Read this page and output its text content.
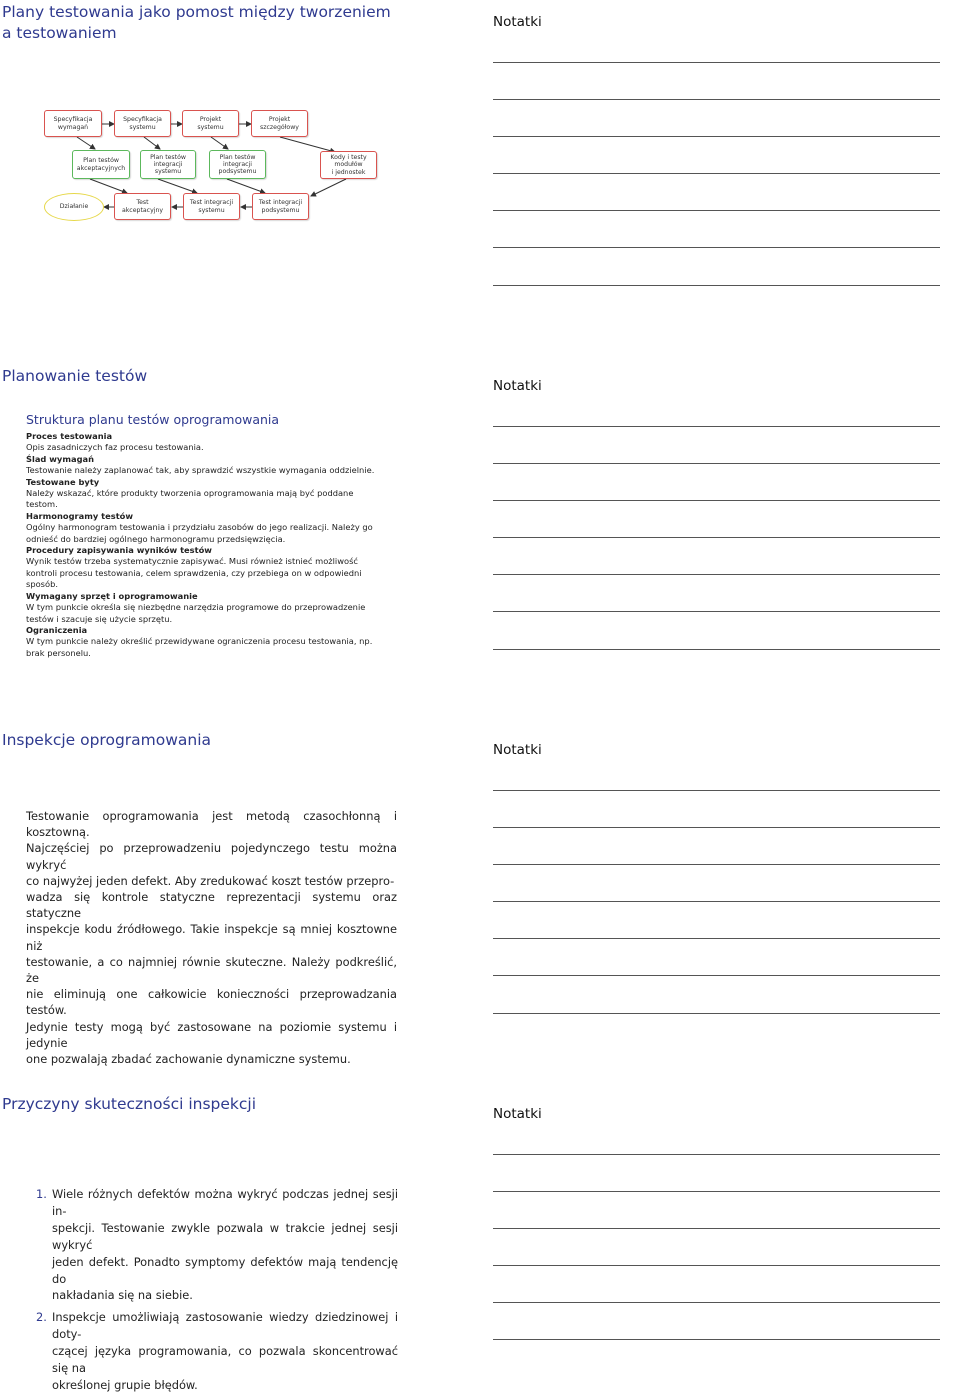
Plany testowania jako pomost między tworzeniem
a testowaniem
Specyfikacja
wymagań
Specyfikacja
systemu
Projekt
systemu
Projekt
szczegółowy
Plan testów
akceptacyjnych
Plan testów
integracji
systemu
Plan testów
integracji
podsystemu
Kody i testy
modułów
i jednostek
Działanie
Test
akceptacyjny
Test integracji
systemu
Test integracji
podsystemu
Notatki
Planowanie testów
Struktura planu testów oprogramowania
Proces testowania
Opis zasadniczych faz procesu testowania.
Ślad wymagań
Testowanie należy zaplanować tak, aby sprawdzić wszystkie wymagania oddzielnie.
Testowane byty
Należy wskazać, które produkty tworzenia oprogramowania mają być poddane testom.
Harmonogramy testów
Ogólny harmonogram testowania i przydziału zasobów do jego realizacji. Należy go
odnieść do bardziej ogólnego harmonogramu przedsięwzięcia.
Procedury zapisywania wyników testów
Wynik testów trzeba systematycznie zapisywać. Musi również istnieć możliwość
kontroli procesu testowania, celem sprawdzenia, czy przebiega on w odpowiedni
sposób.
Wymagany sprzęt i oprogramowanie
W tym punkcie określa się niezbędne narzędzia programowe do przeprowadzenie
testów i szacuje się użycie sprzętu.
Ograniczenia
W tym punkcie należy określić przewidywane ograniczenia procesu testowania, np.
brak personelu.
Notatki
Inspekcje oprogramowania
Testowanie oprogramowania jest metodą czasochłonną i kosztowną.
Najczęściej po przeprowadzeniu pojedynczego testu można wykryć
co najwyżej jeden defekt. Aby zredukować koszt testów przepro-
wadza się kontrole statyczne reprezentacji systemu oraz statyczne
inspekcje kodu źródłowego. Takie inspekcje są mniej kosztowne niż
testowanie, a co najmniej równie skuteczne. Należy podkreślić, że
nie eliminują one całkowicie konieczności przeprowadzania testów.
Jedynie testy mogą być zastosowane na poziomie systemu i jedynie
one pozwalają zbadać zachowanie dynamiczne systemu.
Notatki
Przyczyny skuteczności inspekcji
1. Wiele różnych defektów można wykryć podczas jednej sesji in-
spekcji. Testowanie zwykle pozwala w trakcie jednej sesji wykryć
jeden defekt. Ponadto symptomy defektów mają tendencję do
nakładania się na siebie.
2. Inspekcje umożliwiają zastosowanie wiedzy dziedzinowej i doty-
czącej języka programowania, co pozwala skoncentrować się na
określonej grupie błędów.
Notatki
